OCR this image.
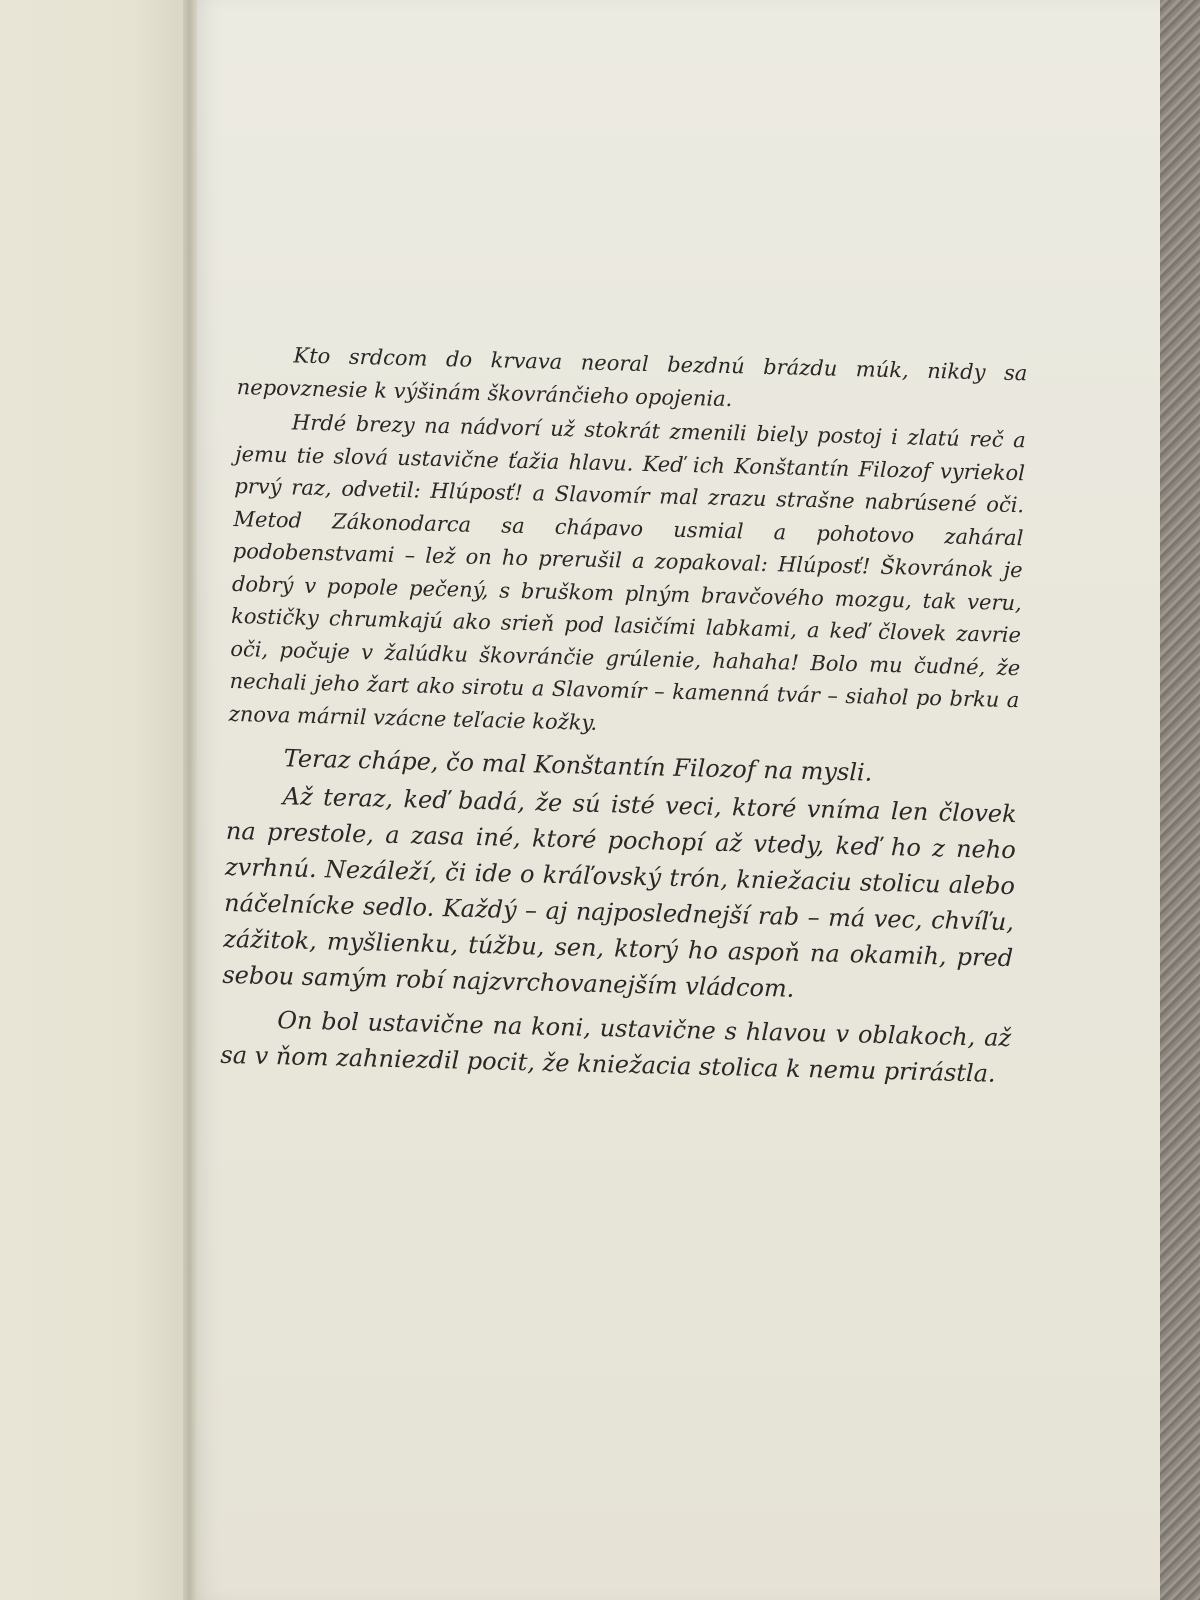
Kto srdcom do krvava neoral bezdnú brázdu múk, nikdy sa nepovznesie k výšinám škovránčieho opojenia.

Hrdé brezy na nádvorí už stokrát zmenili biely postoj i zlatú reč a jemu tie slová ustavične ťažia hlavu. Keď ich Konštantín Filozof vyriekol prvý raz, odvetil: Hlúposť! a Slavomír mal zrazu strašne nabrúsené oči. Metod Zákonodarca sa chápavo usmial a pohotovo zaháral podobenstvami – lež on ho prerušil a zopakoval: Hlúposť! Škovránok je dobrý v popole pečený, s bruškom plným bravčového mozgu, tak veru, kostičky chrumkajú ako srieň pod lasičími labkami, a keď človek zavrie oči, počuje v žalúdku škovránčie grúlenie, hahaha! Bolo mu čudné, že nechali jeho žart ako sirotu a Slavomír – kamenná tvár – siahol po brku a znova márnil vzácne teľacie kožky.

Teraz chápe, čo mal Konštantín Filozof na mysli.

Až teraz, keď badá, že sú isté veci, ktoré vníma len človek na prestole, a zasa iné, ktoré pochopí až vtedy, keď ho z neho zvrhnú. Nezáleží, či ide o kráľovský trón, kniežaciu stolicu alebo náčelnícke sedlo. Každý – aj najposlednejší rab – má vec, chvíľu, zážitok, myšlienku, túžbu, sen, ktorý ho aspoň na okamih, pred sebou samým robí najzvrchovanejším vládcom.

On bol ustavične na koni, ustavične s hlavou v oblakoch, až sa v ňom zahniezdil pocit, že kniežacia stolica k nemu prirástla.
